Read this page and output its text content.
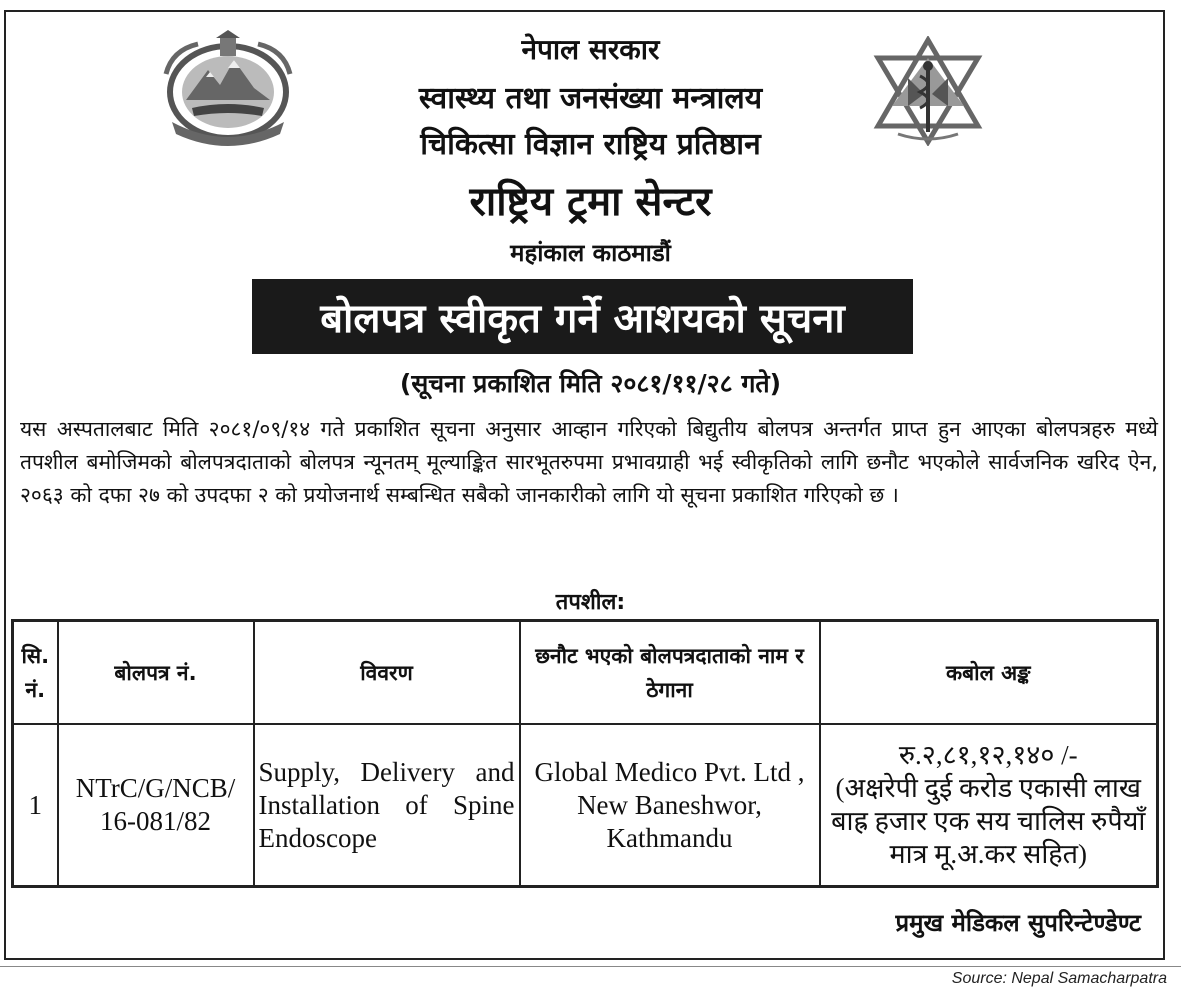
नेपाल सरकार
स्वास्थ्य तथा जनसंख्या मन्त्रालय
चिकित्सा विज्ञान राष्ट्रिय प्रतिष्ठान
राष्ट्रिय ट्रमा सेन्टर
महांकाल काठमाडौं
बोलपत्र स्वीकृत गर्ने आशयको सूचना
(सूचना प्रकाशित मिति २०८१/११/२८ गते)

यस अस्पतालबाट मिति २०८१/०९/१४ गते प्रकाशित सूचना अनुसार आव्हान गरिएको बिद्युतीय बोलपत्र अन्तर्गत प्राप्त हुन आएका बोलपत्रहरु मध्ये तपशील बमोजिमको बोलपत्रदाताको बोलपत्र न्यूनतम् मूल्याङ्कित सारभूतरुपमा प्रभावग्राही भई स्वीकृतिको लागि छनौट भएकोले सार्वजनिक खरिद ऐन, २०६३ को दफा २७ को उपदफा २ को प्रयोजनार्थ सम्बन्धित सबैको जानकारीको लागि यो सूचना प्रकाशित गरिएको छ ।

तपशील:
सि. नं.	बोलपत्र नं.	विवरण	छनौट भएको बोलपत्रदाताको नाम र ठेगाना	कबोल अङ्क
1	NTrC/G/NCB/ 16-081/82	Supply, Delivery and Installation of Spine Endoscope	Global Medico Pvt. Ltd , New Baneshwor, Kathmandu	रु.२,८१,१२,१४० /-
(अक्षरेपी दुई करोड एकासी लाख बाह्र हजार एक सय चालिस रुपैयाँ मात्र मू.अ.कर सहित)
प्रमुख मेडिकल सुपरिन्टेण्डेण्ट
Source: Nepal Samacharpatra
